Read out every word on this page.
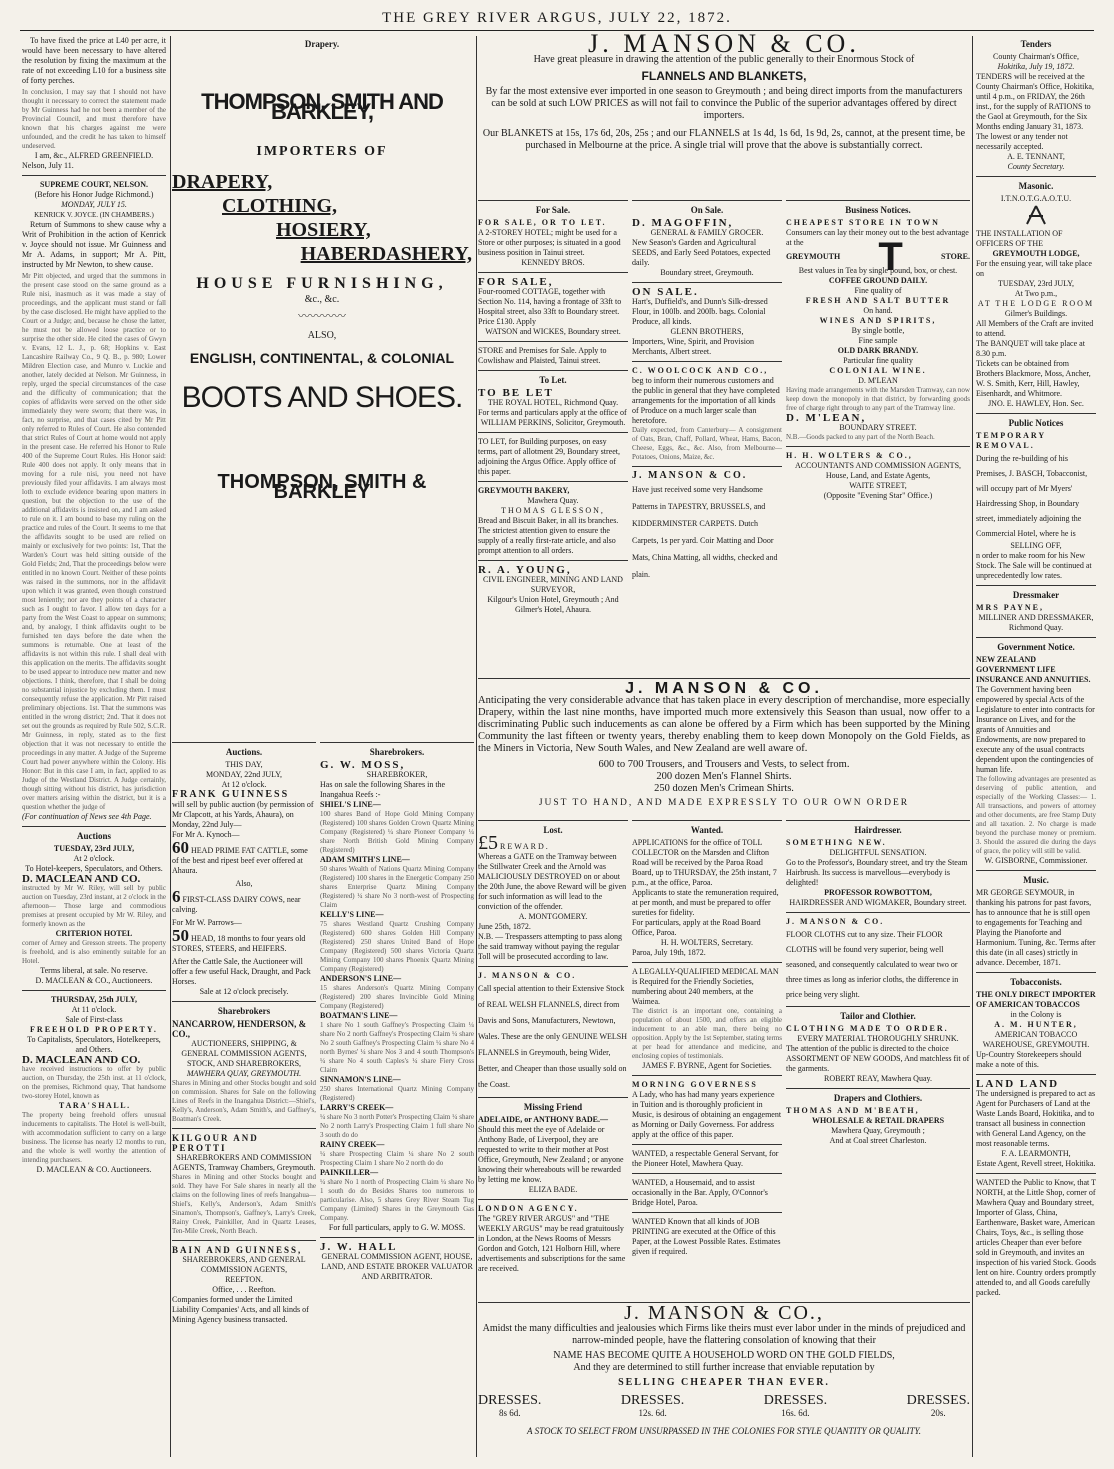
THE GREY RIVER ARGUS, JULY 22, 1872.

To have fixed the price at L40 per acre, it would have been necessary to have altered the resolution by fixing the maximum at the rate of not exceeding L10 for a business site of forty perches.

In conclusion, I may say that I should not have thought it necessary to correct the statement made by Mr Guinness had he not been a member of the Provincial Council, and must therefore have known that his charges against me were unfounded, and the credit he has taken to himself undeserved.
I am, &c., ALFRED GREENFIELD.
Nelson, July 11.
SUPREME COURT, NELSON.
(Before his Honor Judge Richmond.)
MONDAY, JULY 15.
KENRICK V. JOYCE. (IN CHAMBERS.)

Return of Summons to shew cause why a Writ of Prohibition in the action of Kenrick v. Joyce should not issue. Mr Guinness and Mr A. Adams, in support; Mr A. Pitt, instructed by Mr Newton, to shew cause.

Mr Pitt objected, and urged that the summons in the present case stood on the same ground as a Rule nisi, inasmuch as it was made a stay of proceedings, and the applicant must stand or fall by the case disclosed. He might have applied to the Court or a Judge; and, because he chose the latter, he must not be allowed loose practice or to surprise the other side. He cited the cases of Gwyn v. Evans, 12 L. J., p. 68; Hopkins v. East Lancashire Railway Co., 9 Q. B., p. 980; Lower Mildren Election case, and Munro v. Luckie and another, lately decided at Nelson. Mr Guinness, in reply, urged the special circumstances of the case and the difficulty of communication; that the copies of affidavits were served on the other side immediately they were sworn; that there was, in fact, no surprise, and that cases cited by Mr Pitt only referred to Rules of Court. He also contended that strict Rules of Court at home would not apply in the present case. He referred his Honor to Rule 400 of the Supreme Court Rules. His Honor said: Rule 400 does not apply. It only means that in moving for a rule nisi, you need not have previously filed your affidavits. I am always most loth to exclude evidence bearing upon matters in question, but the objection to the use of the additional affidavits is insisted on, and I am asked to rule on it. I am bound to base my ruling on the practice and rules of the Court. It seems to me that the affidavits sought to be used are relied on mainly or exclusively for two points: 1st, That the Warden's Court was held sitting outside of the Gold Fields; 2nd, That the proceedings below were entitled in no known Court. Neither of these points was raised in the summons, nor in the affidavit upon which it was granted, even though construed most leniently; nor are they points of a character such as I ought to favor. I allow ten days for a party from the West Coast to appear on summons; and, by analogy, I think affidavits ought to be furnished ten days before the date when the summons is returnable. One at least of the affidavits is not within this rule. I shall deal with this application on the merits. The affidavits sought to be used appear to introduce new matter and new objections. I think, therefore, that I shall be doing no substantial injustice by excluding them. I must consequently refuse the application. Mr Pitt raised preliminary objections. 1st. That the summons was entitled in the wrong district; 2nd. That it does not set out the grounds as required by Rule 502, S.C.R. Mr Guinness, in reply, stated as to the first objection that it was not necessary to entitle the proceedings in any matter. A Judge of the Supreme Court had power anywhere within the Colony. His Honor: But in this case I am, in fact, applied to as Judge of the Westland District. A Judge certainly, though sitting without his district, has jurisdiction over matters arising within the district, but it is a question whether the judge of
(For continuation of News see 4th Page.
Auctions
TUESDAY, 23rd JULY,
At 2 o'clock.
To Hotel-keepers, Speculators, and Others.
D. MACLEAN AND CO.
instructed by Mr W. Riley, will sell by public auction on Tuesday, 23rd instant, at 2 o'clock in the afternoon— Those large and commodious premises at present occupied by Mr W. Riley, and formerly known as the
CRITERION HOTEL
corner of Arney and Gresson streets. The property is freehold, and is also eminently suitable for an Hotel.
Terms liberal, at sale. No reserve.
D. MACLEAN & CO., Auctioneers.
THURSDAY, 25th JULY,
At 11 o'clock.
Sale of First-class
FREEHOLD PROPERTY.
To Capitalists, Speculators, Hotelkeepers, and Others.
D. MACLEAN AND CO.
have received instructions to offer by public auction, on Thursday, the 25th inst. at 11 o'clock, on the premises, Richmond quay, That handsome two-storey Hotel, known as
T A R A ' S H A L L .
The property being freehold offers unusual inducements to capitalists. The Hotel is well-built, with accommodation sufficient to carry on a large business. The license has nearly 12 months to run, and the whole is well worthy the attention of intending purchasers.
D. MACLEAN & CO. Auctioneers.
Drapery.
THOMPSON, SMITH AND BARKLEY,
IMPORTERS OF
DRAPERY,
CLOTHING,
HOSIERY,
HABERDASHERY,
HOUSE FURNISHING,
&c., &c.
〰〰〰〰
ALSO,
ENGLISH, CONTINENTAL, & COLONIAL
BOOTS AND SHOES.
THOMPSON, SMITH & BARKLEY
Auctions.
THIS DAY,
MONDAY, 22nd JULY,
At 12 o'clock.
FRANK GUINNESS
will sell by public auction (by permission of Mr Clapcott, at his Yards, Ahaura), on Monday, 22nd July—
For Mr A. Kynoch—
60 HEAD PRIME FAT CATTLE, some of the best and ripest beef ever offered at Ahaura.
Also,
6 FIRST-CLASS DAIRY COWS, near calving.
For Mr W. Parrows—
50 HEAD, 18 months to four years old STORES, STEERS, and HEIFERS.
After the Cattle Sale, the Auctioneer will offer a few useful Hack, Draught, and Pack Horses.
Sale at 12 o'clock precisely.
Sharebrokers
NANCARROW, HENDERSON, & CO.,
AUCTIONEERS, SHIPPING, & GENERAL COMMISSION AGENTS,
STOCK, AND SHAREBROKERS,
MAWHERA QUAY, GREYMOUTH.
Shares in Mining and other Stocks bought and sold on commission. Shares for Sale on the following Lines of Reefs in the Inangahua District:—Shiel's, Kelly's, Anderson's, Adam Smith's, and Gaffney's, Boatman's Creek.
KILGOUR AND PEROTTI
SHAREBROKERS AND COMMISSION AGENTS, Tramway Chambers, Greymouth.
Shares in Mining and other Stocks bought and sold. They have For Sale shares in nearly all the claims on the following lines of reefs Inangahua— Shiel's, Kelly's, Anderson's, Adam Smith's Sinamon's, Thompson's, Gaffney's, Larry's Creek, Rainy Creek, Painkiller, And in Quartz Leases, Ten-Mile Creek, North Beach.
BAIN AND GUINNESS,
SHAREBROKERS, AND GENERAL COMMISSION AGENTS,
REEFTON.
Office, . . . Reefton.
Companies formed under the Limited Liability Companies' Acts, and all kinds of Mining Agency business transacted.
Sharebrokers.
G. W. MOSS,
SHAREBROKER,
Has on sale the following Shares in the Inangahua Reefs :-
SHIEL'S LINE—
100 shares Band of Hope Gold Mining Company (Registered) 100 shares Golden Crown Quartz Mining Company (Registered) ¼ share Pioneer Company ¼ share North British Gold Mining Company (Registered)
ADAM SMITH'S LINE—
50 shares Wealth of Nations Quartz Mining Company (Registered) 100 shares in the Energetic Company 250 shares Enterprise Quartz Mining Company (Registered) ¼ share No 3 north-west of Prospecting Claim
KELLY'S LINE—
75 shares Westland Quartz Crushing Company (Registered) 600 shares Golden Hill Company (Registered) 250 shares United Band of Hope Company (Registered) 500 shares Victoria Quartz Mining Company 100 shares Phoenix Quartz Mining Company (Registered)
ANDERSON'S LINE—
15 shares Anderson's Quartz Mining Company (Registered) 200 shares Invincible Gold Mining Company (Registered)
BOATMAN'S LINE—
1 share No 1 south Gaffney's Prospecting Claim ¼ share No 2 north Gaffney's Prospecting Claim ¼ share No 2 south Gaffney's Prospecting Claim ¼ share No 4 north Byrnes' ¼ share Nos 3 and 4 south Thompson's ¼ share No 4 south Caples's ¼ share Fiery Cross Claim
SINNAMON'S LINE—
250 shares International Quartz Mining Company (Registered)
LARRY'S CREEK—
¼ share No 3 north Potter's Prospecting Claim ¼ share No 2 north Larry's Prospecting Claim 1 full share No 3 south do do
RAINY CREEK—
¼ share Prospecting Claim ¼ share No 2 south Prospecting Claim 1 share No 2 north do do
PAINKILLER—
¼ share No 1 north of Prospecting Claim ¼ share No 1 south do do Besides Shares too numerous to particularise. Also, 5 shares Grey River Steam Tug Company (Limited) Shares in the Greymouth Gas Company.
For full particulars, apply to G. W. MOSS.
J. W. HALL
GENERAL COMMISSION AGENT, HOUSE, LAND, AND ESTATE BROKER VALUATOR AND ARBITRATOR.
J. MANSON & CO.
Have great pleasure in drawing the attention of the public generally to their Enormous Stock of
FLANNELS AND BLANKETS,
By far the most extensive ever imported in one season to Greymouth ; and being direct imports from the manufacturers can be sold at such LOW PRICES as will not fail to convince the Public of the superior advantages offered by direct importers.
Our BLANKETS at 15s, 17s 6d, 20s, 25s ; and our FLANNELS at 1s 4d, 1s 6d, 1s 9d, 2s, cannot, at the present time, be purchased in Melbourne at the price. A single trial will prove that the above is substantially correct.
For Sale.
FOR SALE, OR TO LET.
A 2-STOREY HOTEL; might be used for a Store or other purposes; is situated in a good business position in Tainui street.
KENNEDY BROS.
FOR SALE,
Four-roomed COTTAGE, together with Section No. 114, having a frontage of 33ft to Hospital street, also 33ft to Boundary street. Price £130. Apply
WATSON and WICKES, Boundary street.
STORE and Premises for Sale. Apply to Cowlishaw and Plaisted, Tainui street.
To Let.
TO BE LET
THE ROYAL HOTEL, Richmond Quay.
For terms and particulars apply at the office of
WILLIAM PERKINS, Solicitor, Greymouth.
TO LET, for Building purposes, on easy terms, part of allotment 29, Boundary street, adjoining the Argus Office. Apply office of this paper.
GREYMOUTH BAKERY,
Mawhera Quay.
THOMAS GLESSON,
Bread and Biscuit Baker, in all its branches.
The strictest attention given to ensure the supply of a really first-rate article, and also prompt attention to all orders.
R. A. YOUNG,
CIVIL ENGINEER, MINING AND LAND SURVEYOR,
Kilgour's Union Hotel, Greymouth ; And Gilmer's Hotel, Ahaura.
On Sale.
D. MAGOFFIN,
GENERAL & FAMILY GROCER.
New Season's Garden and Agricultural SEEDS, and Early Seed Potatoes, expected daily.
Boundary street, Greymouth.
ON SALE.
Hart's, Duffield's, and Dunn's Silk-dressed Flour, in 100lb. and 200lb. bags. Colonial Produce, all kinds.
GLENN BROTHERS,
Importers, Wine, Spirit, and Provision Merchants, Albert street.
C. WOOLCOCK AND CO.,
beg to inform their numerous customers and the public in general that they have completed arrangements for the importation of all kinds of Produce on a much larger scale than heretofore.
Daily expected, from Canterbury— A consignment of Oats, Bran, Chaff, Pollard, Wheat, Hams, Bacon, Cheese, Eggs, &c., &c. Also, from Melbourne— Potatoes, Onions, Maize, &c.
J. MANSON & CO.
Have just received some very Handsome Patterns in TAPESTRY, BRUSSELS, and KIDDERMINSTER CARPETS. Dutch Carpets, 1s per yard. Coir Matting and Door Mats, China Matting, all widths, checked and plain.
Business Notices.
CHEAPEST STORE IN TOWN
Consumers can lay their money out to the best advantage at the
GREYMOUTH T	STORE.
Best values in Tea by single pound, box, or chest.
COFFEE GROUND DAILY.
Fine quality of
FRESH AND SALT BUTTER
On hand.
WINES AND SPIRITS,
By single bottle,
Fine sample
OLD DARK BRANDY.
Particular fine quality
COLONIAL WINE.
D. M'LEAN
Having made arrangements with the Marsden Tramway, can now keep down the monopoly in that district, by forwarding goods free of charge right through to any part of the Tramway line.
D. M'LEAN,
BOUNDARY STREET.
N.B.—Goods packed to any part of the North Beach.
H. H. WOLTERS & CO.,
ACCOUNTANTS AND COMMISSION AGENTS, House, Land, and Estate Agents,
WAITE STREET,
(Opposite "Evening Star" Office.)
J. MANSON & CO.
Anticipating the very considerable advance that has taken place in every description of merchandise, more especially Drapery, within the last nine months, have imported much more extensively this Season than usual, now offer to a discriminating Public such inducements as can alone be offered by a Firm which has been supported by the Mining Community the last fifteen or twenty years, thereby enabling them to keep down Monopoly on the Gold Fields, as the Miners in Victoria, New South Wales, and New Zealand are well aware of.
600 to 700 Trousers, and Trousers and Vests, to select from.
200 dozen Men's Flannel Shirts.
250 dozen Men's Crimean Shirts.
JUST TO HAND, AND MADE EXPRESSLY TO OUR OWN ORDER
Lost.
£5 REWARD.
Whereas a GATE on the Tramway between the Stillwater Creek and the Arnold was MALICIOUSLY DESTROYED on or about the 20th June, the above Reward will be given for such information as will lead to the conviction of the offender.
A. MONTGOMERY.
June 25th, 1872.
N.B. — Trespassers attempting to pass along the said tramway without paying the regular Toll will be prosecuted according to law.
J. MANSON & CO.
Call special attention to their Extensive Stock of REAL WELSH FLANNELS, direct from Davis and Sons, Manufacturers, Newtown, Wales. These are the only GENUINE WELSH FLANNELS in Greymouth, being Wider, Better, and Cheaper than those usually sold on the Coast.
Missing Friend
ADELAIDE, or ANTHONY BADE.—
Should this meet the eye of Adelaide or Anthony Bade, of Liverpool, they are requested to write to their mother at Post Office, Greymouth, New Zealand ; or anyone knowing their whereabouts will be rewarded by letting me know.
ELIZA BADE.
LONDON AGENCY.
The "GREY RIVER ARGUS" and "THE WEEKLY ARGUS" may be read gratuitously in London, at the News Rooms of Messrs Gordon and Gotch, 121 Holborn Hill, where advertisements and subscriptions for the same are received.
Wanted.
APPLICATIONS for the office of TOLL COLLECTOR on the Marsden and Clifton Road will be received by the Paroa Road Board, up to THURSDAY, the 25th instant, 7 p.m., at the office, Paroa.
Applicants to state the remuneration required, at per month, and must be prepared to offer sureties for fidelity.
For particulars, apply at the Road Board Office, Paroa.
H. H. WOLTERS, Secretary.
Paroa, July 19th, 1872.
A LEGALLY-QUALIFIED MEDICAL MAN is Required for the Friendly Societies, numbering about 240 members, at the Waimea.
The district is an important one, containing a population of about 1500, and offers an eligible inducement to an able man, there being no opposition. Apply by the 1st September, stating terms at per head for attendance and medicine, and enclosing copies of testimonials.
JAMES F. BYRNE, Agent for Societies.
MORNING GOVERNESS
A Lady, who has had many years experience in Tuition and is thoroughly proficient in Music, is desirous of obtaining an engagement as Morning or Daily Governess. For address apply at the office of this paper.
WANTED, a respectable General Servant, for the Pioneer Hotel, Mawhera Quay.
WANTED, a Housemaid, and to assist occasionally in the Bar. Apply, O'Connor's Bridge Hotel, Paroa.
WANTED Known that all kinds of JOB PRINTING are executed at the Office of this Paper, at the Lowest Possible Rates. Estimates given if required.
Hairdresser.
SOMETHING NEW.
DELIGHTFUL SENSATION.
Go to the Professor's, Boundary street, and try the Steam Hairbrush. Its success is marvellous—everybody is delighted!
PROFESSOR ROWBOTTOM,
HAIRDRESSER AND WIGMAKER, Boundary street.
J. MANSON & CO.
FLOOR CLOTHS cut to any size. Their FLOOR CLOTHS will be found very superior, being well seasoned, and consequently calculated to wear two or three times as long as inferior cloths, the difference in price being very slight.
Tailor and Clothier.
CLOTHING MADE TO ORDER.
EVERY MATERIAL THOROUGHLY SHRUNK.
The attention of the public is directed to the choice ASSORTMENT OF NEW GOODS, And matchless fit of the garments.
ROBERT REAY, Mawhera Quay.
Drapers and Clothiers.
THOMAS AND M'BEATH,
WHOLESALE & RETAIL DRAPERS
Mawhera Quay, Greymouth ;
And at Coal street Charleston.
J. MANSON & CO.,
Amidst the many difficulties and jealousies which Firms like theirs must ever labor under in the minds of prejudiced and narrow-minded people, have the flattering consolation of knowing that their
NAME HAS BECOME QUITE A HOUSEHOLD WORD ON THE GOLD FIELDS,
And they are determined to still further increase that enviable reputation by
SELLING CHEAPER THAN EVER.
DRESSES.
8s 6d.
DRESSES.
12s. 6d.
DRESSES.
16s. 6d.
DRESSES.
20s.
A STOCK TO SELECT FROM UNSURPASSED IN THE COLONIES FOR STYLE QUANTITY OR QUALITY.
Tenders
County Chairman's Office,
Hokitika, July 19, 1872.
TENDERS will be received at the County Chairman's Office, Hokitika, until 4 p.m., on FRIDAY, the 26th inst., for the supply of RATIONS to the Gaol at Greymouth, for the Six Months ending January 31, 1873.
The lowest or any tender not necessarily accepted.
A. E. TENNANT,
County Secretary.
Masonic.
I.T.N.O.T.G.A.O.T.U.
THE INSTALLATION OF OFFICERS OF THE
GREYMOUTH LODGE,
For the ensuing year, will take place on
TUESDAY, 23rd JULY,
At Two p.m.,
AT THE LODGE ROOM
Gilmer's Buildings.
All Members of the Craft are invited to attend.
The BANQUET will take place at 8.30 p.m.
Tickets can be obtained from Brothers Blackmore, Moss, Ancher, W. S. Smith, Kerr, Hill, Hawley, Eisenhardt, and Whitmore.
JNO. E. HAWLEY, Hon. Sec.
Public Notices
TEMPORARY REMOVAL.
During the re-building of his Premises, J. BASCH, Tobacconist, will occupy part of Mr Myers' Hairdressing Shop, in Boundary street, immediately adjoining the Commercial Hotel, where he is
SELLING OFF,
n order to make room for his New Stock. The Sale will be continued at unprecedentedly low rates.
Dressmaker
MRS PAYNE,
MILLINER AND DRESSMAKER,
Richmond Quay.
Government Notice.
NEW ZEALAND GOVERNMENT LIFE INSURANCE AND ANNUITIES.
The Government having been empowered by special Acts of the Legislature to enter into contracts for Insurance on Lives, and for the grants of Annuities and Endowments, are now prepared to execute any of the usual contracts dependent upon the contingencies of human life.
The following advantages are presented as deserving of public attention, and especially of the Working Classes:— 1. All transactions, and powers of attorney and other documents, are free Stamp Duty and all taxation. 2. No charge is made beyond the purchase money or premium. 3. Should the assured die during the days of grace, the policy will still be valid.
W. GISBORNE, Commissioner.
Music.
MR GEORGE SEYMOUR, in thanking his patrons for past favors, has to announce that he is still open to engagements for Teaching and Playing the Pianoforte and Harmonium. Tuning, &c. Terms after this date (in all cases) strictly in advance. December, 1871.
Tobacconists.
THE ONLY DIRECT IMPORTER OF AMERICAN TOBACCOS
in the Colony is
A. M. HUNTER,
AMERICAN TOBACCO WAREHOUSE, GREYMOUTH.
Up-Country Storekeepers should make a note of this.
LAND LAND
The undersigned is prepared to act as Agent for Purchasers of Land at the Waste Lands Board, Hokitika, and to transact all business in connection with General Land Agency, on the most reasonable terms.
F. A. LEARMONTH,
Estate Agent, Revell street, Hokitika.
WANTED the Public to Know, that T NORTH, at the Little Shop, corner of Mawhera Quay and Boundary street, Importer of Glass, China, Earthenware, Basket ware, American Chairs, Toys, &c., is selling those articles Cheaper than ever before sold in Greymouth, and invites an inspection of his varied Stock. Goods lent on hire. Country orders promptly attended to, and all Goods carefully packed.
